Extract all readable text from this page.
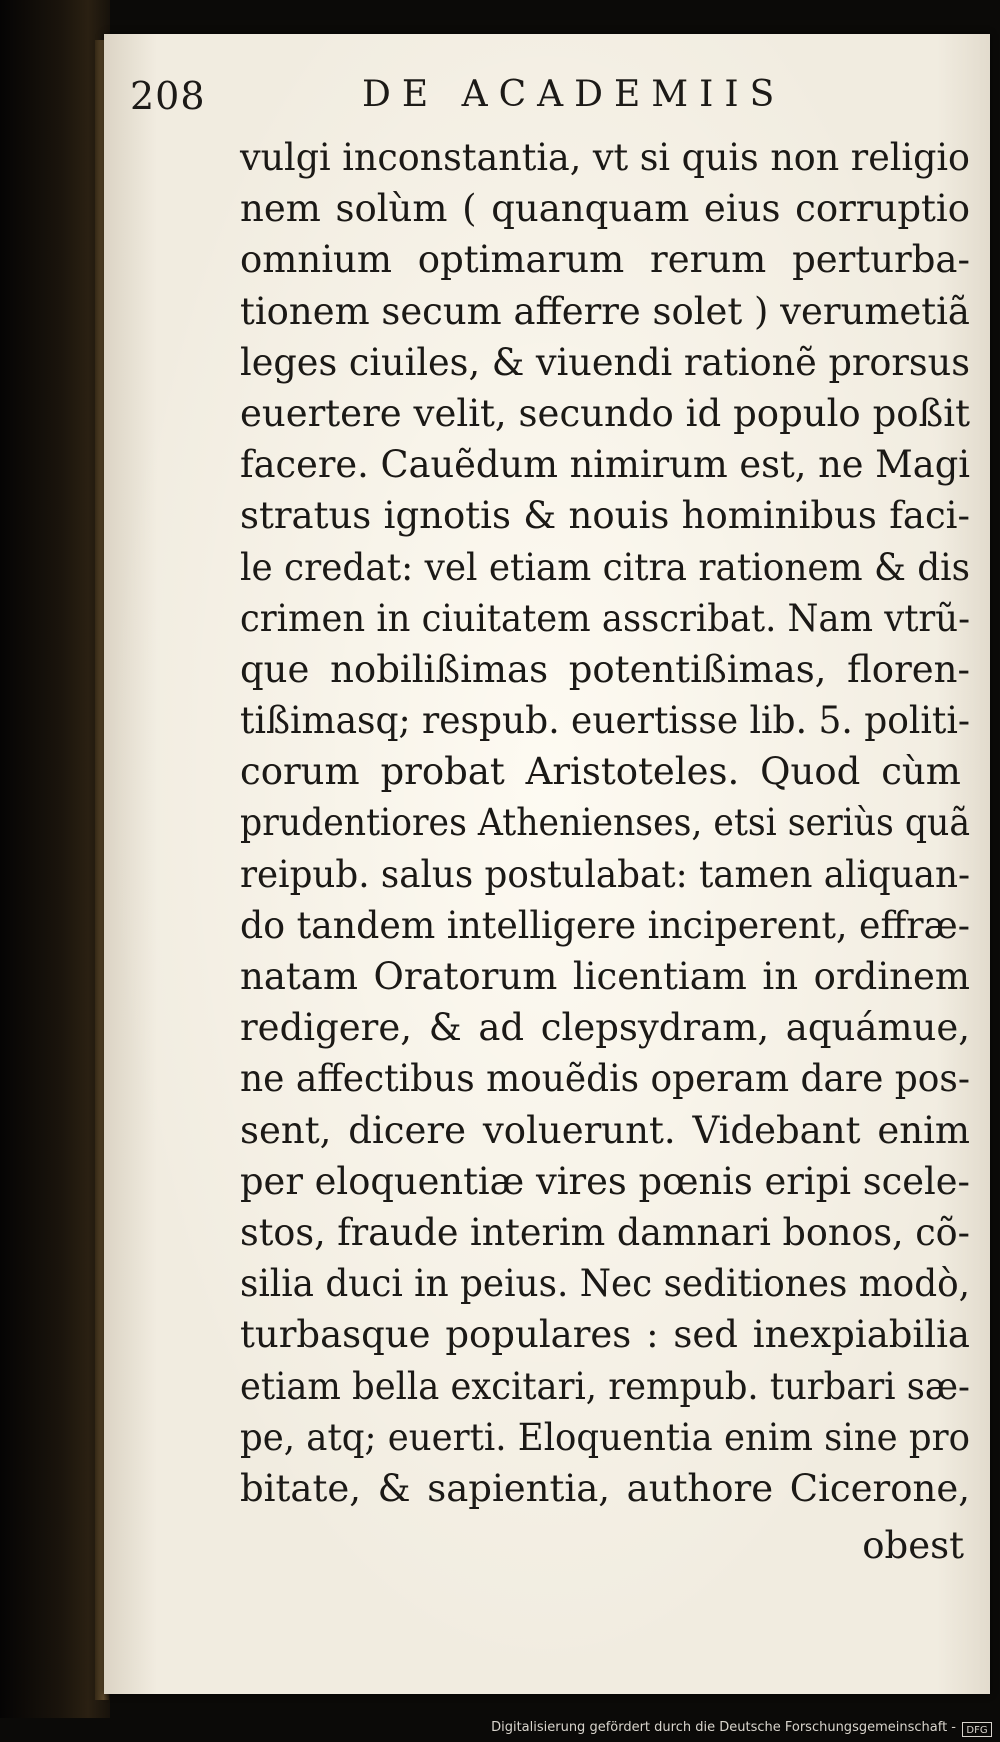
208	DE ACADEMIIS
vulgi inconstantia, vt si quis non religio
nem solùm ( quanquam eius corruptio
omnium optimarum rerum perturba-
tionem secum afferre solet ) verumetiã
leges ciuiles, & viuendi rationẽ prorsus
euertere velit, secundo id populo poßit
facere. Cauẽdum nimirum est, ne Magi
stratus ignotis & nouis hominibus faci-
le credat: vel etiam citra rationem & dis
crimen in ciuitatem asscribat. Nam vtrũ-
que nobilißimas potentißimas, floren-
tißimasq; respub. euertisse lib. 5. politi-
corum probat Aristoteles. Quod cùm
prudentiores Athenienses, etsi seriùs quã
reipub. salus postulabat: tamen aliquan-
do tandem intelligere inciperent, effræ-
natam Oratorum licentiam in ordinem
redigere, & ad clepsydram, aquámue,
ne affectibus mouẽdis operam dare pos-
sent, dicere voluerunt. Videbant enim
per eloquentiæ vires pœnis eripi scele-
stos, fraude interim damnari bonos, cõ-
silia duci in peius. Nec seditiones modò,
turbasque populares : sed inexpiabilia
etiam bella excitari, rempub. turbari sæ-
pe, atq; euerti. Eloquentia enim sine pro
bitate, & sapientia, authore Cicerone,
obest
Digitalisierung gefördert durch die Deutsche Forschungsgemeinschaft -	DFG
